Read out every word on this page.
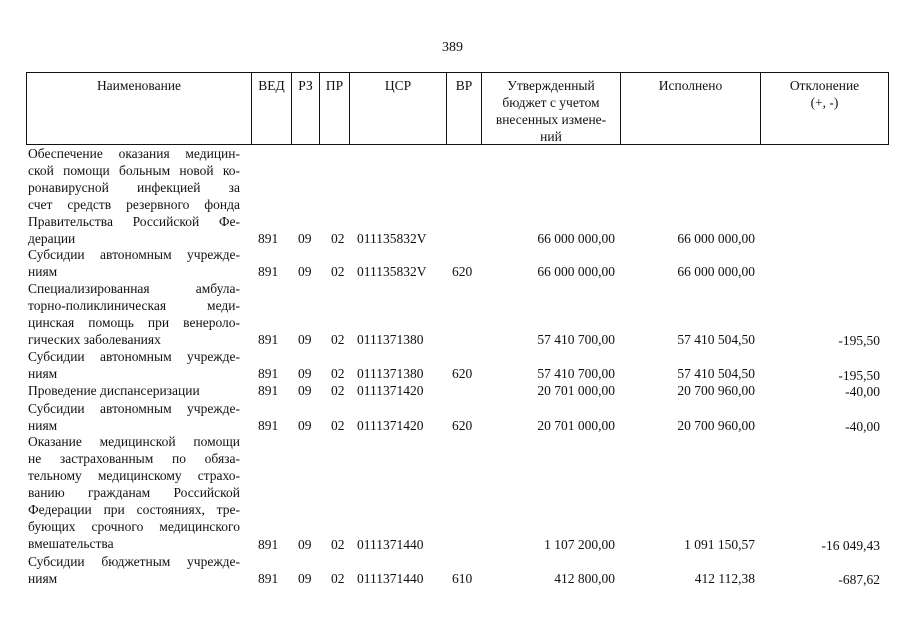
389
Наименование	ВЕД	РЗ ПР	ЦСР	ВР	Утвержденный
бюджет с учетом
внесенных измене-
ний
Исполнено	Отклонение
(+, -)
Обеспечение оказания медицин-
ской помощи больным новой ко-
ронавирусной инфекцией за
счет средств резервного фонда
Правительства Российской Фе-
дерации	891 09 02 011135832V	66 000 000,00	66 000 000,00
Субсидии автономным учрежде-
ниям	891 09 02 011135832V 620	66 000 000,00	66 000 000,00
Специализированная амбула-
торно-поликлиническая меди-
цинская помощь при венероло-
гических заболеваниях	891 09 02 0111371380	57 410 700,00	57 410 504,50	-195,50
Субсидии автономным учрежде-
ниям	891 09 02 0111371380 620	57 410 700,00	57 410 504,50	-195,50
Проведение диспансеризации	891 09 02 0111371420	20 701 000,00	20 700 960,00	-40,00
Субсидии автономным учрежде-
ниям	891 09 02 0111371420 620	20 701 000,00	20 700 960,00	-40,00
Оказание медицинской помощи
не застрахованным по обяза-
тельному медицинскому страхо-
ванию гражданам Российской
Федерации при состояниях, тре-
бующих срочного медицинского
вмешательства	891 09 02 0111371440	1 107 200,00	1 091 150,57	-16 049,43
Субсидии бюджетным учрежде-
ниям	891 09 02 0111371440 610	412 800,00	412 112,38	-687,62
